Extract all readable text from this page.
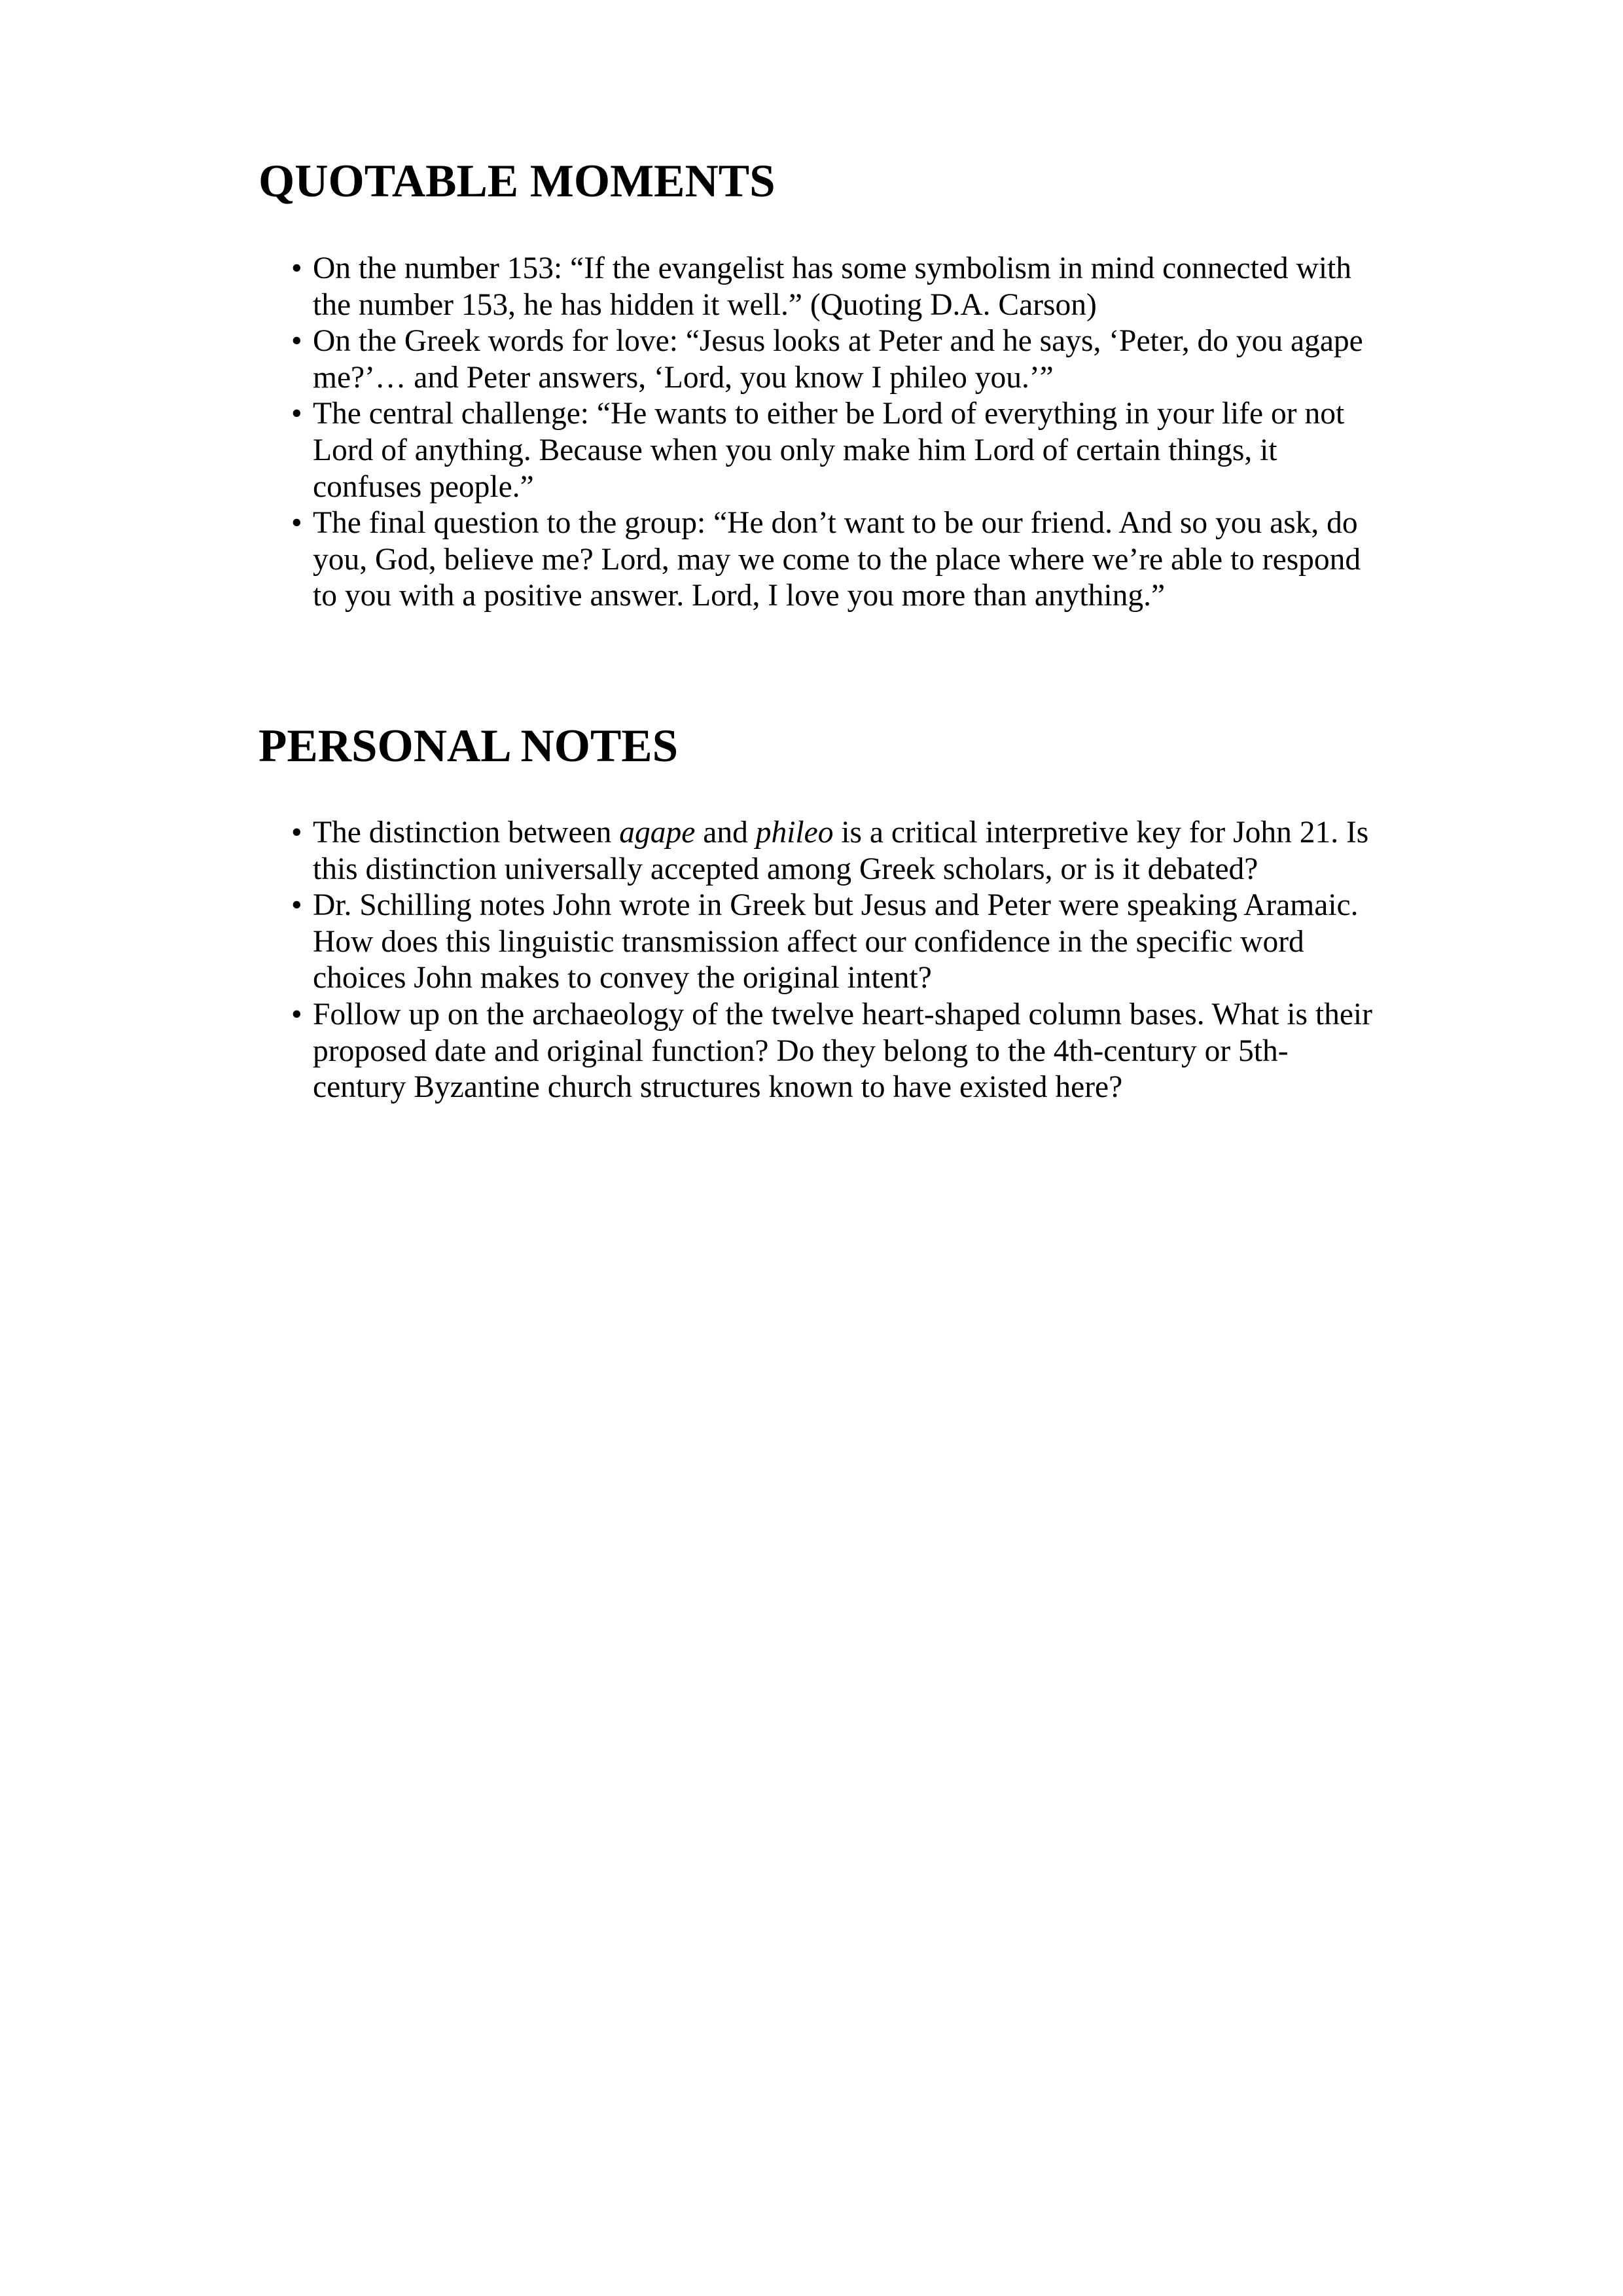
QUOTABLE MOMENTS
• On the number 153: “If the evangelist has some symbolism in mind connected with the number 153, he has hidden it well.” (Quoting D.A. Carson)
• On the Greek words for love: “Jesus looks at Peter and he says, ‘Peter, do you agape me?’… and Peter answers, ‘Lord, you know I phileo you.’”
• The central challenge: “He wants to either be Lord of everything in your life or not Lord of anything. Because when you only make him Lord of certain things, it confuses people.”
• The final question to the group: “He don’t want to be our friend. And so you ask, do you, God, believe me? Lord, may we come to the place where we’re able to respond to you with a positive answer. Lord, I love you more than anything.”
PERSONAL NOTES
• The distinction between agape and phileo is a critical interpretive key for John 21. Is this distinction universally accepted among Greek scholars, or is it debated?
• Dr. Schilling notes John wrote in Greek but Jesus and Peter were speaking Aramaic. How does this linguistic transmission affect our confidence in the specific word choices John makes to convey the original intent?
• Follow up on the archaeology of the twelve heart-shaped column bases. What is their proposed date and original function? Do they belong to the 4th-century or 5th-century Byzantine church structures known to have existed here?
